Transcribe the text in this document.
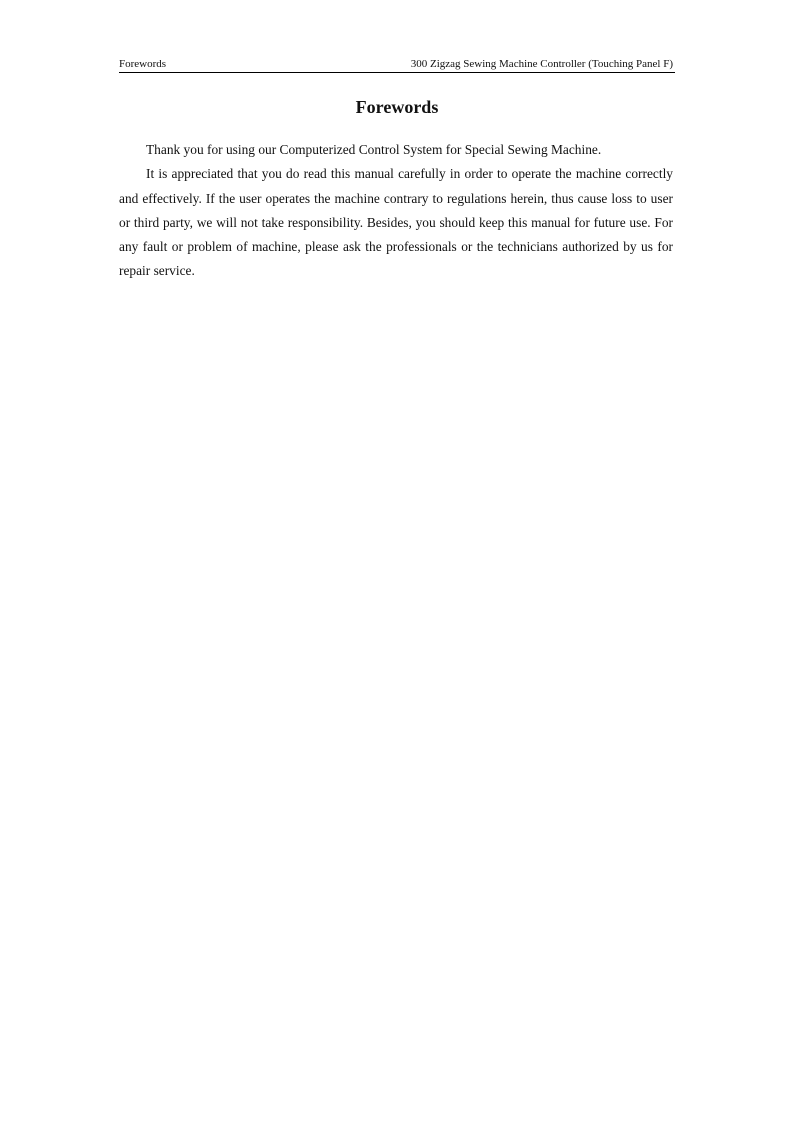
Forewords	300 Zigzag Sewing Machine Controller (Touching Panel F)
Forewords

Thank you for using our Computerized Control System for Special Sewing Machine.

It is appreciated that you do read this manual carefully in order to operate the machine correctly and effectively. If the user operates the machine contrary to regulations herein, thus cause loss to user or third party, we will not take responsibility. Besides, you should keep this manual for future use. For any fault or problem of machine, please ask the professionals or the technicians authorized by us for repair service.
